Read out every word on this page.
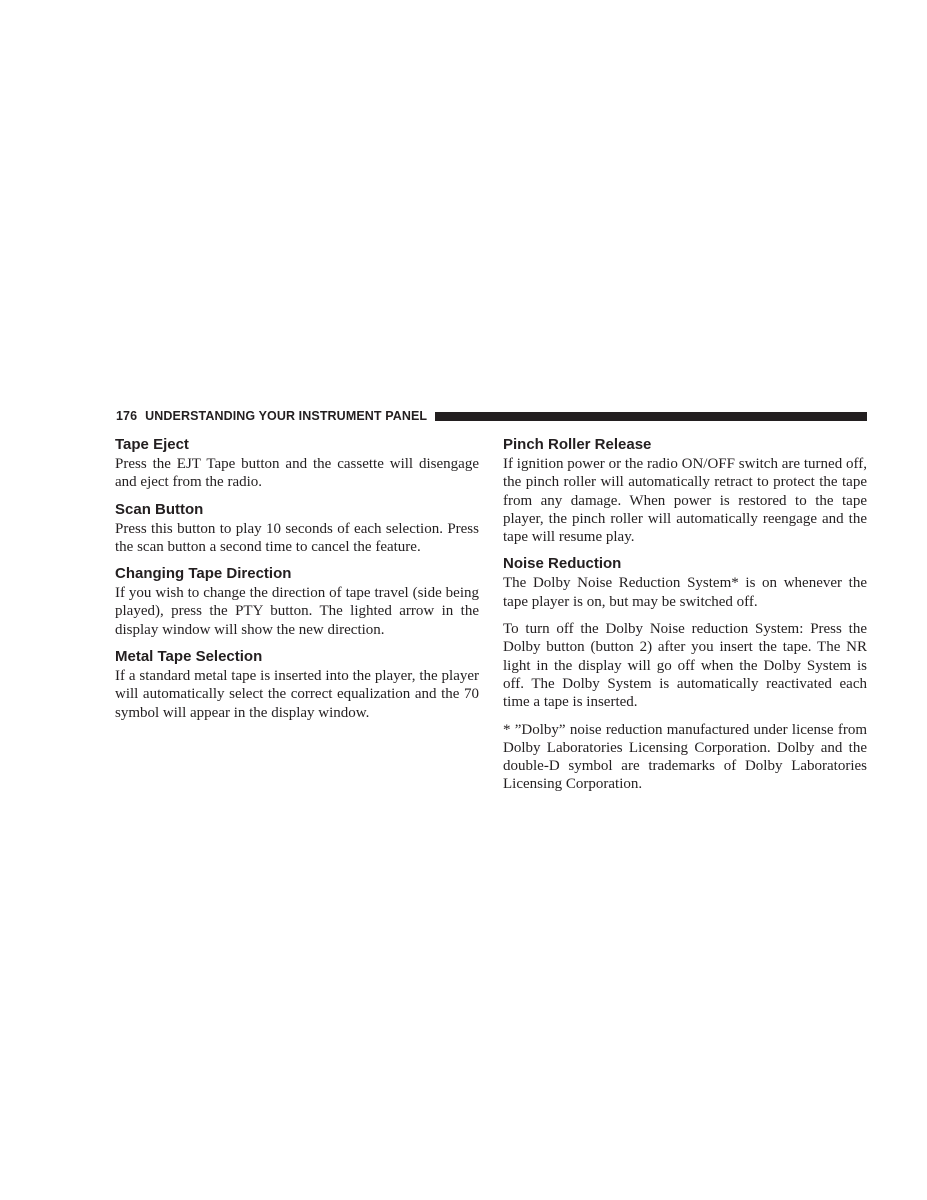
176 UNDERSTANDING YOUR INSTRUMENT PANEL
Tape Eject

Press the EJT Tape button and the cassette will disengage and eject from the radio.

Scan Button

Press this button to play 10 seconds of each selection. Press the scan button a second time to cancel the feature.

Changing Tape Direction

If you wish to change the direction of tape travel (side being played), press the PTY button. The lighted arrow in the display window will show the new direction.

Metal Tape Selection

If a standard metal tape is inserted into the player, the player will automatically select the correct equalization and the 70 symbol will appear in the display window.

Pinch Roller Release

If ignition power or the radio ON/OFF switch are turned off, the pinch roller will automatically retract to protect the tape from any damage. When power is restored to the tape player, the pinch roller will automatically reengage and the tape will resume play.

Noise Reduction

The Dolby Noise Reduction System* is on whenever the tape player is on, but may be switched off.

To turn off the Dolby Noise reduction System: Press the Dolby button (button 2) after you insert the tape. The NR light in the display will go off when the Dolby System is off. The Dolby System is automatically reactivated each time a tape is inserted.

* ”Dolby” noise reduction manufactured under license from Dolby Laboratories Licensing Corporation. Dolby and the double-D symbol are trademarks of Dolby Laboratories Licensing Corporation.
